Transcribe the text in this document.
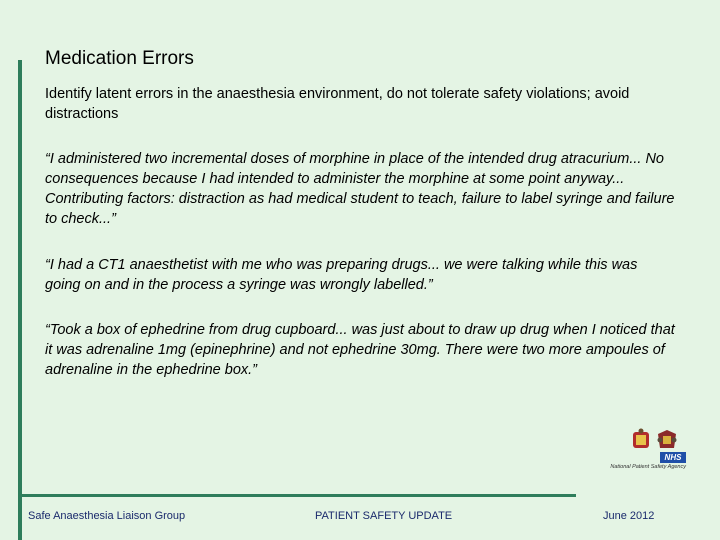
Medication Errors
Identify latent errors in the anaesthesia environment, do not tolerate safety violations; avoid distractions
“I administered two incremental doses of morphine in place of the intended drug atracurium... No consequences because I had intended to administer the morphine at some point anyway... Contributing factors: distraction as had medical student to teach, failure to label syringe and failure to check...”
“I had a CT1 anaesthetist with me who was preparing drugs... we were talking while this was going on and in the process a syringe was wrongly labelled.”
“Took a box of ephedrine from drug cupboard... was just about to draw up drug when I noticed that it was adrenaline 1mg (epinephrine) and not ephedrine 30mg. There were two more ampoules of adrenaline in the ephedrine box.”
NHS
National Patient Safety Agency
Safe Anaesthesia Liaison Group	PATIENT SAFETY UPDATE	June 2012
